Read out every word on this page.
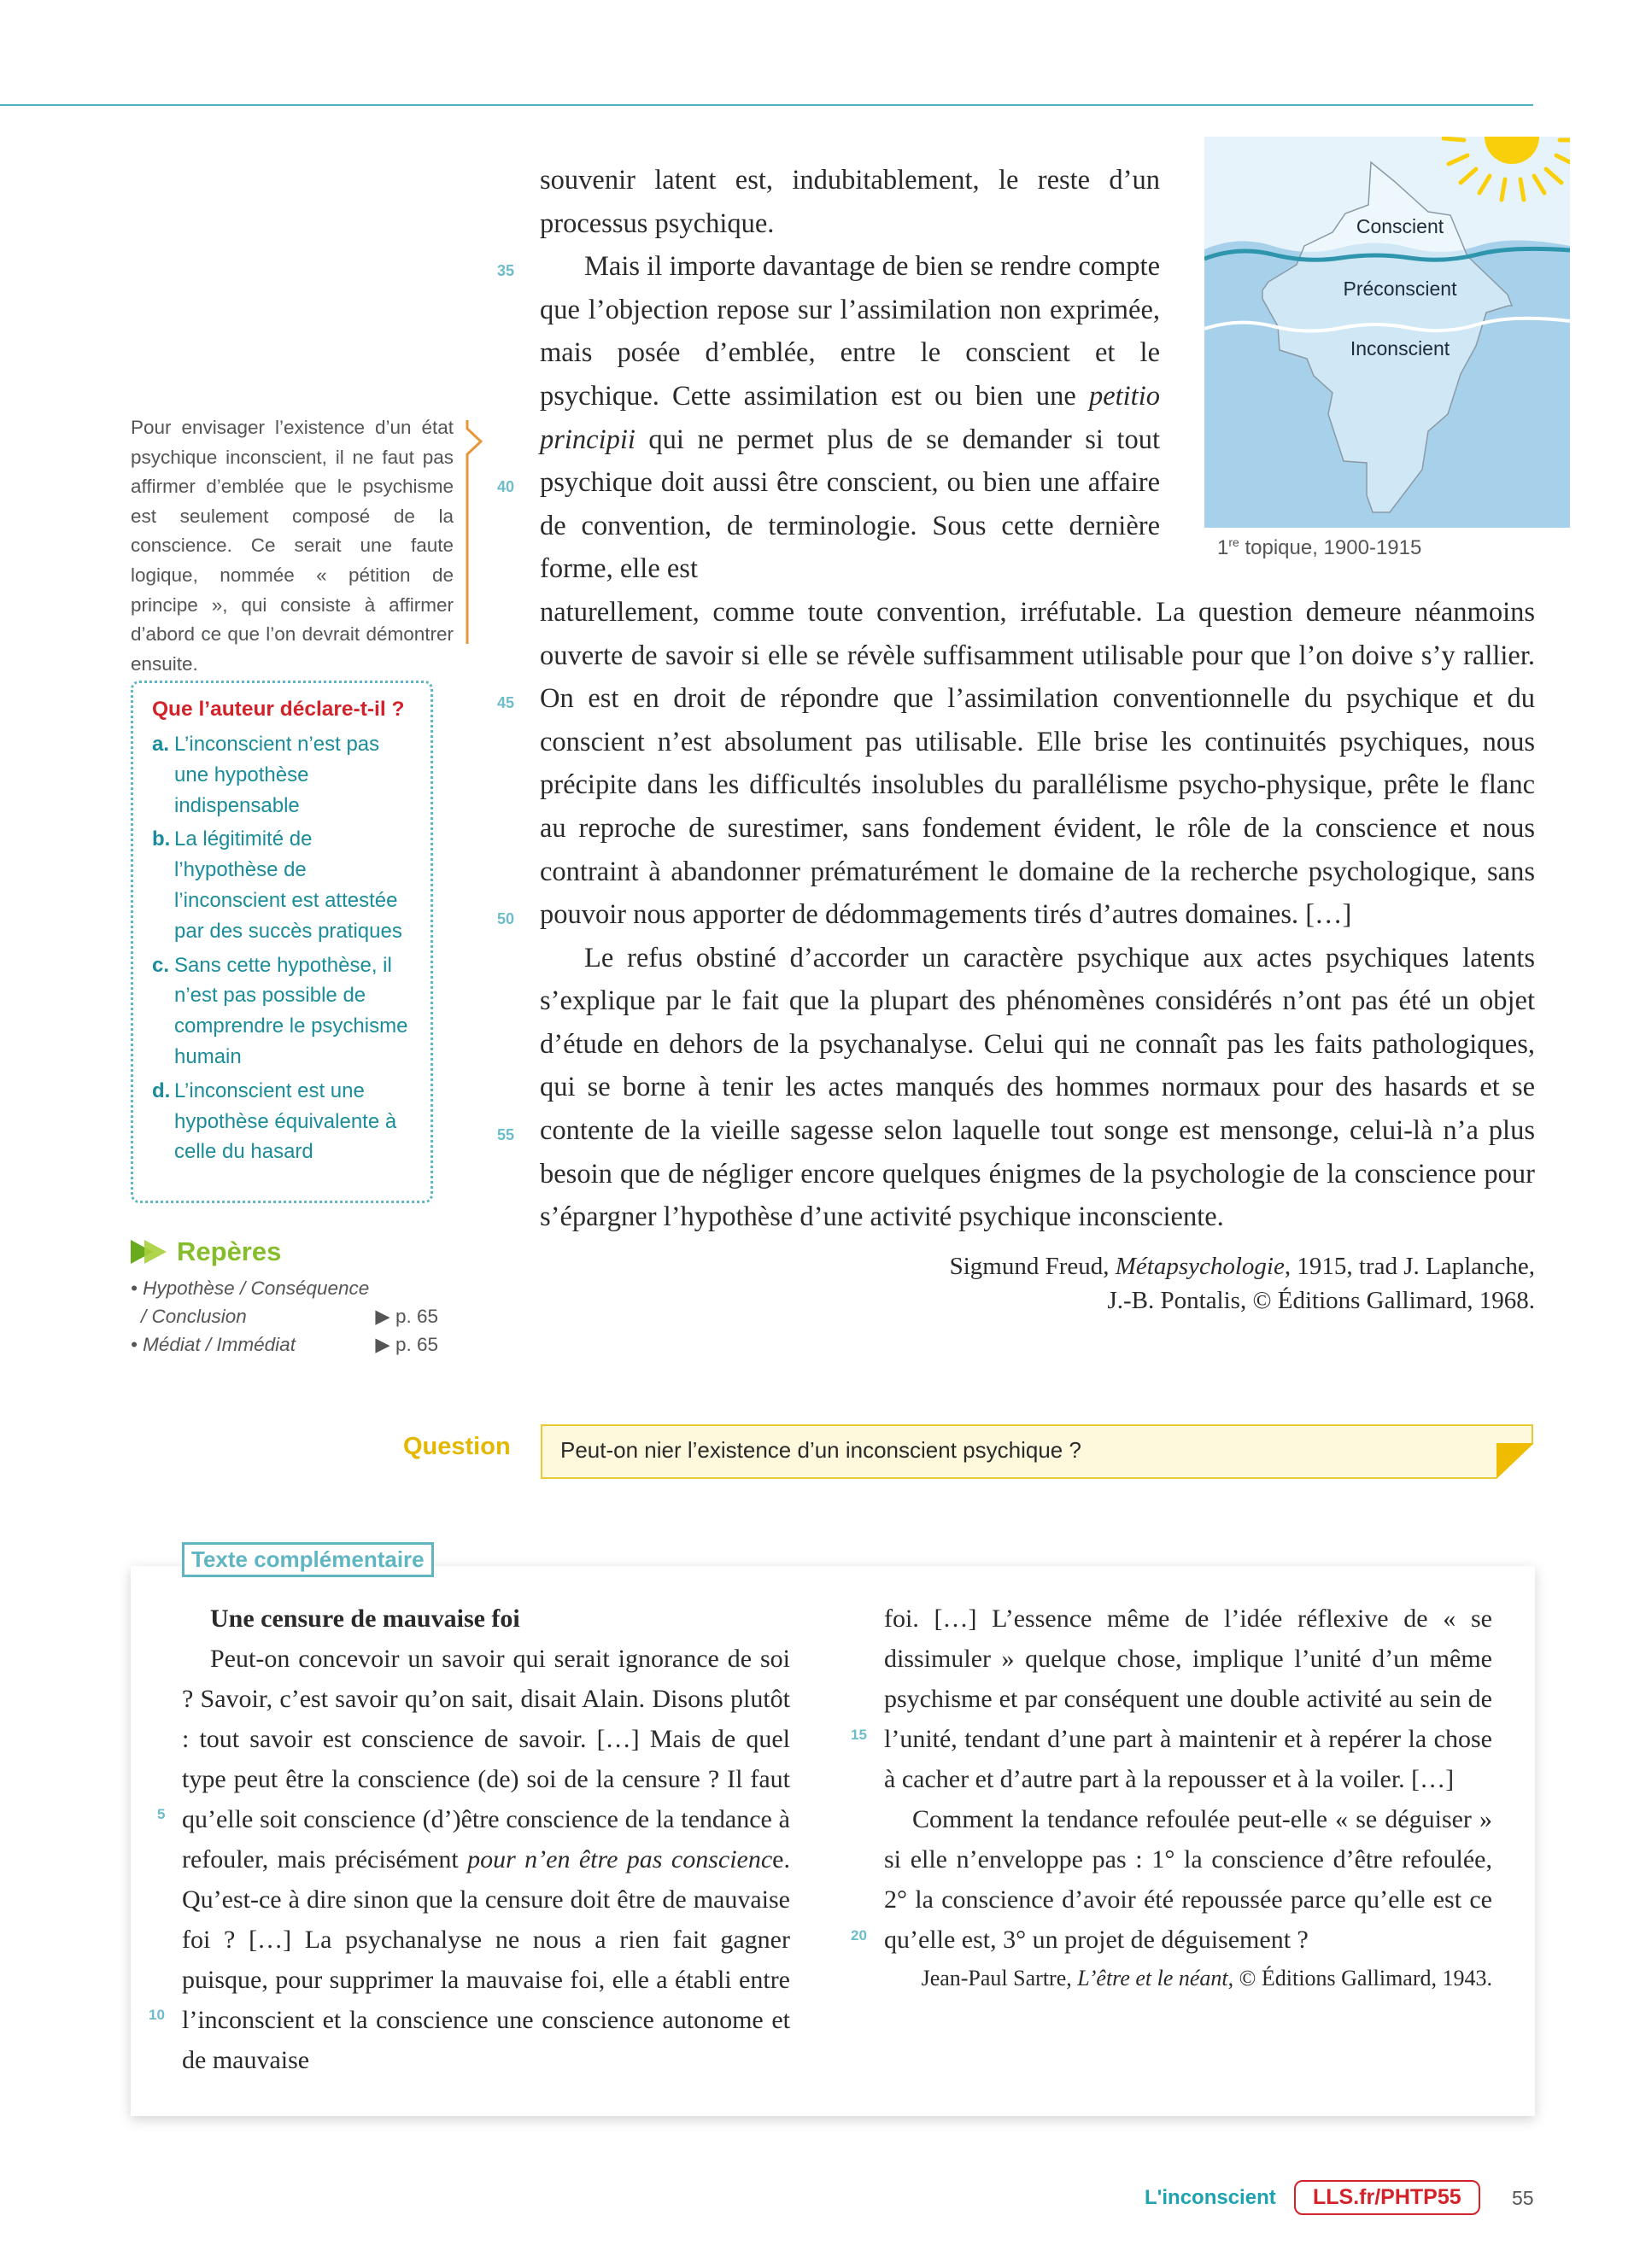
Pour envisager l’existence d’un état psychique inconscient, il ne faut pas affirmer d’emblée que le psychisme est seulement composé de la conscience. Ce serait une faute logique, nommée « pétition de principe », qui consiste à affirmer d’abord ce que l’on devrait démontrer ensuite.
Que l’auteur déclare-t-il ?
a. L’inconscient n’est pas une hypothèse indispensable
b. La légitimité de l’hypothèse de l’inconscient est attestée par des succès pratiques
c. Sans cette hypothèse, il n’est pas possible de comprendre le psychisme humain
d. L’inconscient est une hypothèse équivalente à celle du hasard
Repères
• Hypothèse / Conséquence
/ Conclusion	▶ p. 65
• Médiat / Immédiat	▶ p. 65

souvenir latent est, indubitablement, le reste d’un processus psychique.

Mais il importe davantage de bien se rendre compte que l’objection repose sur l’assimilation non exprimée, mais posée d’emblée, entre le conscient et le psychique. Cette assimilation est ou bien une petitio principii qui ne permet plus de se demander si tout psychique doit aussi être conscient, ou bien une affaire de convention, de terminologie. Sous cette dernière forme, elle est

naturellement, comme toute convention, irréfutable. La question demeure néanmoins ouverte de savoir si elle se révèle suffisamment utilisable pour que l’on doive s’y rallier. On est en droit de répondre que l’assimilation conventionnelle du psychique et du conscient n’est absolument pas utilisable. Elle brise les continuités psychiques, nous précipite dans les difficultés insolubles du parallélisme psycho-physique, prête le flanc au reproche de surestimer, sans fondement évident, le rôle de la conscience et nous contraint à abandonner prématurément le domaine de la recherche psychologique, sans pouvoir nous apporter de dédommagements tirés d’autres domaines. […]

Le refus obstiné d’accorder un caractère psychique aux actes psychiques latents s’explique par le fait que la plupart des phénomènes considérés n’ont pas été un objet d’étude en dehors de la psychanalyse. Celui qui ne connaît pas les faits pathologiques, qui se borne à tenir les actes manqués des hommes normaux pour des hasards et se contente de la vieille sagesse selon laquelle tout songe est mensonge, celui-là n’a plus besoin que de négliger encore quelques énigmes de la psychologie de la conscience pour s’épargner l’hypothèse d’une activité psychique inconsciente.

Sigmund Freud, Métapsychologie, 1915, trad J. Laplanche,
J.-B. Pontalis, © Éditions Gallimard, 1968.
35
40
45
50
55
Conscient
Préconscient
Inconscient
1re topique, 1900-1915
Question Peut-on nier l’existence d’un inconscient psychique ?
Texte complémentaire
Une censure de mauvaise foi

Peut-on concevoir un savoir qui serait ignorance de soi ? Savoir, c’est savoir qu’on sait, disait Alain. Disons plutôt : tout savoir est conscience de savoir. […] Mais de quel type peut être la conscience (de) soi de la censure ? Il faut qu’elle soit conscience (d’)être conscience de la tendance à refouler, mais précisément pour n’en être pas conscience. Qu’est-ce à dire sinon que la censure doit être de mauvaise foi ? […] La psychanalyse ne nous a rien fait gagner puisque, pour supprimer la mauvaise foi, elle a établi entre l’inconscient et la conscience une conscience autonome et de mauvaise

5
10

foi. […] L’essence même de l’idée réflexive de « se dissimuler » quelque chose, implique l’unité d’un même psychisme et par conséquent une double activité au sein de l’unité, tendant d’une part à maintenir et à repérer la chose à cacher et d’autre part à la repousser et à la voiler. […]

Comment la tendance refoulée peut-elle « se déguiser » si elle n’enveloppe pas : 1° la conscience d’être refoulée, 2° la conscience d’avoir été repoussée parce qu’elle est ce qu’elle est, 3° un projet de déguisement ?

Jean-Paul Sartre, L’être et le néant, © Éditions Gallimard, 1943.
15
20
L'inconscient	LLS.fr/PHTP55	55
